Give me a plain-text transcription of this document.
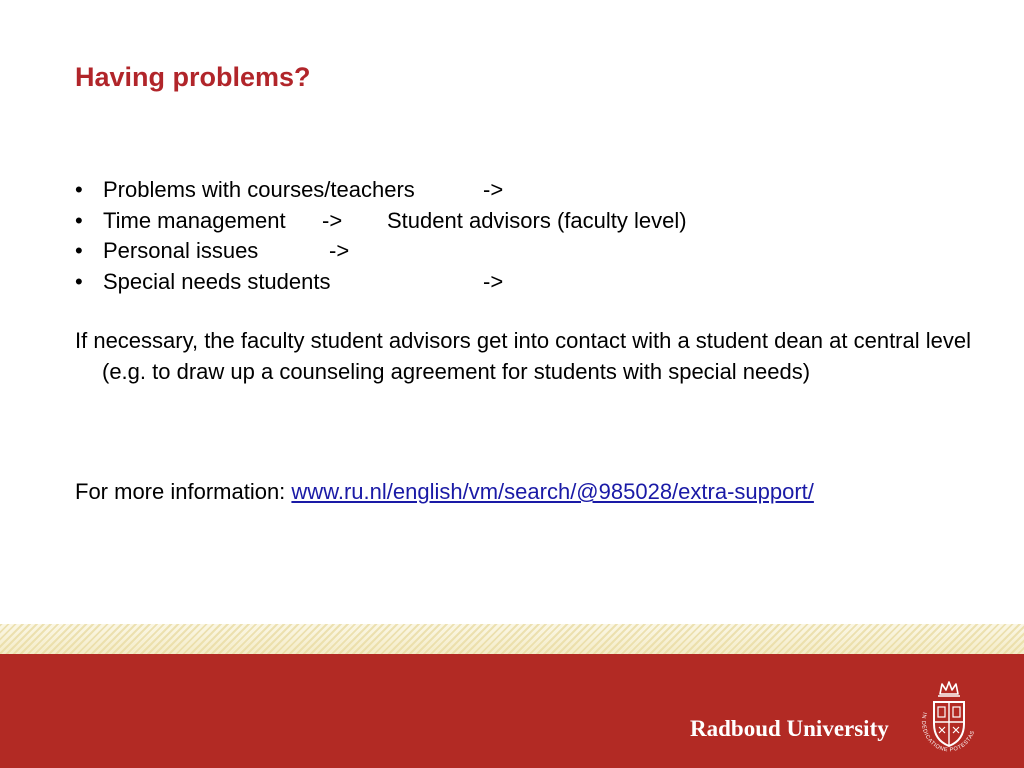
Having problems?
• Problems with courses/teachers	->
• Time management -> Student advisors (faculty level)
• Personal issues	->
• Special needs students	->

If necessary, the faculty student advisors get into contact with a student dean at central level (e.g. to draw up a counseling agreement for students with special needs)

For more information: www.ru.nl/english/vm/search/@985028/extra-support/

Radboud University
IN DEDICATIONE POTESTAS
